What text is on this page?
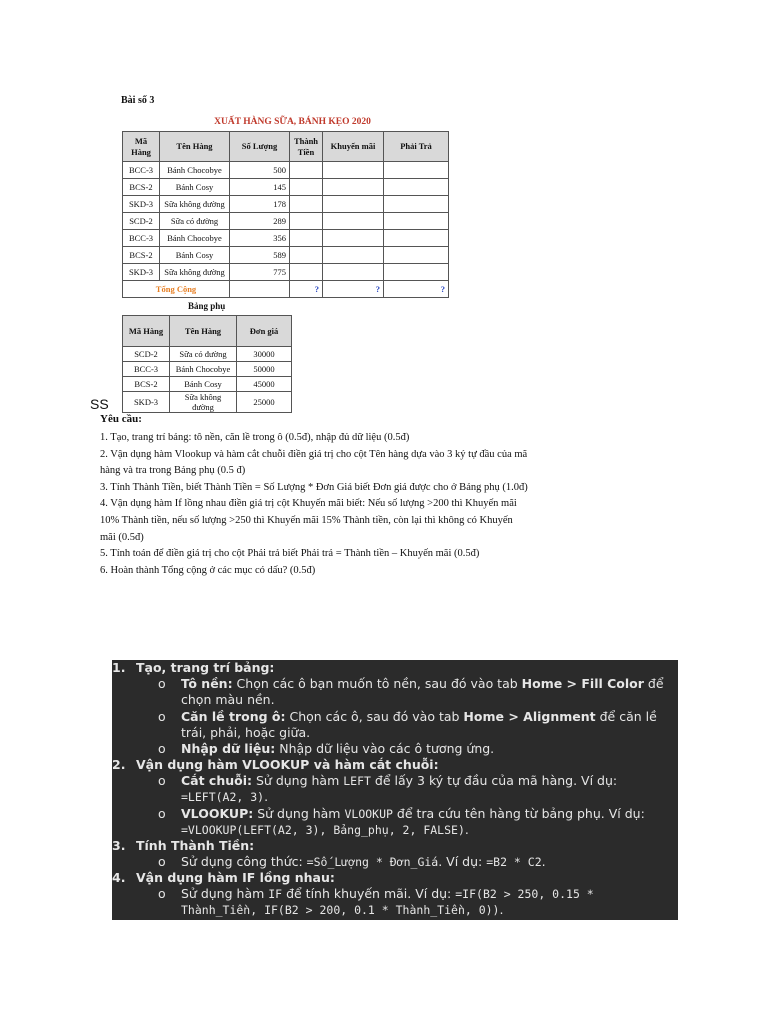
Bài số 3
XUẤT HÀNG SỮA, BÁNH KẸO 2020
Mã Hàng	Tên Hàng	Số Lượng	Thành Tiền	Khuyến mãi	Phải Trả
BCC-3	Bánh Chocobye	500			
BCS-2	Bánh Cosy	145			
SKD-3	Sữa không đường	178			
SCD-2	Sữa có đường	289			
BCC-3	Bánh Chocobye	356			
BCS-2	Bánh Cosy	589			
SKD-3	Sữa không đường	775			
Tổng Cộng			?	?	?
Bảng phụ
Mã Hàng	Tên Hàng	Đơn giá
SCD-2	Sữa có đường	30000
BCC-3	Bánh Chocobye	50000
BCS-2	Bánh Cosy	45000
SKD-3	Sữa không đường	25000
SS
Yêu cầu:

1. Tạo, trang trí bảng: tô nền, căn lề trong ô (0.5đ), nhập đủ dữ liệu (0.5đ)

2. Vận dụng hàm Vlookup và hàm cắt chuỗi điền giá trị cho cột Tên hàng dựa vào 3 ký tự đầu của mã hàng và tra trong Bảng phụ (0.5 đ)

3. Tính Thành Tiền, biết Thành Tiền = Số Lượng * Đơn Giá biết Đơn giá được cho ở Bảng phụ (1.0đ)

4. Vận dụng hàm If lồng nhau điền giá trị cột Khuyến mãi biết: Nếu số lượng >200 thì Khuyến mãi 10% Thành tiền, nếu số lượng >250 thì Khuyến mãi 15% Thành tiền, còn lại thì không có Khuyến mãi (0.5đ)

5. Tính toán để điền giá trị cho cột Phải trả biết Phải trả = Thành tiền – Khuyến mãi (0.5đ)

6. Hoàn thành Tổng cộng ở các mục có dấu? (0.5đ)

1. Tạo, trang trí bảng:
o Tô nền: Chọn các ô bạn muốn tô nền, sau đó vào tab Home > Fill Color để chọn màu nền.
o Căn lề trong ô: Chọn các ô, sau đó vào tab Home > Alignment để căn lề trái, phải, hoặc giữa.
o Nhập dữ liệu: Nhập dữ liệu vào các ô tương ứng.
2. Vận dụng hàm VLOOKUP và hàm cắt chuỗi:
o Cắt chuỗi: Sử dụng hàm LEFT để lấy 3 ký tự đầu của mã hàng. Ví dụ: =LEFT(A2, 3).
o VLOOKUP: Sử dụng hàm VLOOKUP để tra cứu tên hàng từ bảng phụ. Ví dụ: =VLOOKUP(LEFT(A2, 3), Bảng_phụ, 2, FALSE).
3. Tính Thành Tiền:
o Sử dụng công thức: =Số_Lượng * Đơn_Giá. Ví dụ: =B2 * C2.
4. Vận dụng hàm IF lồng nhau:
o Sử dụng hàm IF để tính khuyến mãi. Ví dụ: =IF(B2 > 250, 0.15 * Thành_Tiền, IF(B2 > 200, 0.1 * Thành_Tiền, 0)).
